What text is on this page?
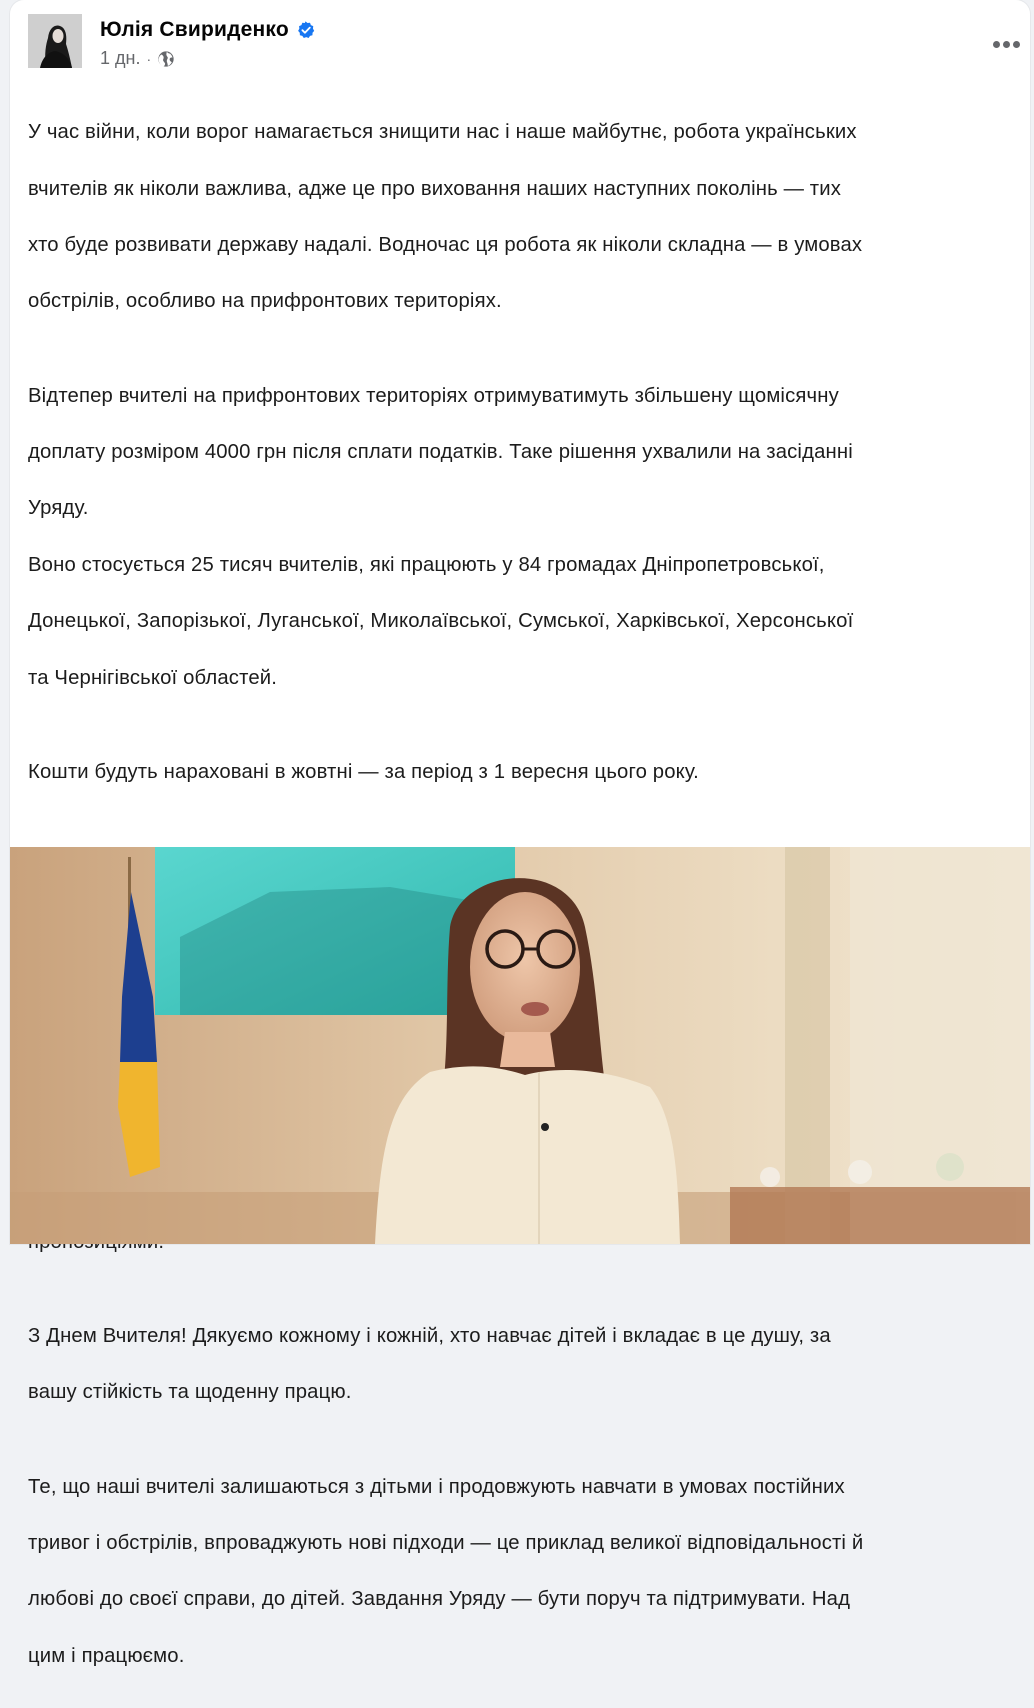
Юлія Свириденко
1 дн. ·

У час війни, коли ворог намагається знищити нас і наше майбутнє, робота українських

вчителів як ніколи важлива, адже це про виховання наших наступних поколінь — тих

хто буде розвивати державу надалі. Водночас ця робота як ніколи складна — в умовах

обстрілів, особливо на прифронтових територіях.

Відтепер вчителі на прифронтових територіях отримуватимуть збільшену щомісячну

доплату розміром 4000 грн після сплати податків. Таке рішення ухвалили на засіданні

Уряду.

Воно стосується 25 тисяч вчителів, які працюють у 84 громадах Дніпропетровської,

Донецької, Запорізької, Луганської, Миколаївської, Сумської, Харківської, Херсонської

та Чернігівської областей.

Кошти будуть нараховані в жовтні — за період з 1 вересня цього року.

З Днем Вчителя! Дякуємо кожному і кожній, хто навчає дітей і вкладає в це душу, за

вашу стійкість та щоденну працю.

Те, що наші вчителі залишаються з дітьми і продовжують навчати в умовах постійних

тривог і обстрілів, впроваджують нові підходи — це приклад великої відповідальності й

любові до своєї справи, до дітей. Завдання Уряду — бути поруч та підтримувати. Над

цим і працюємо.
